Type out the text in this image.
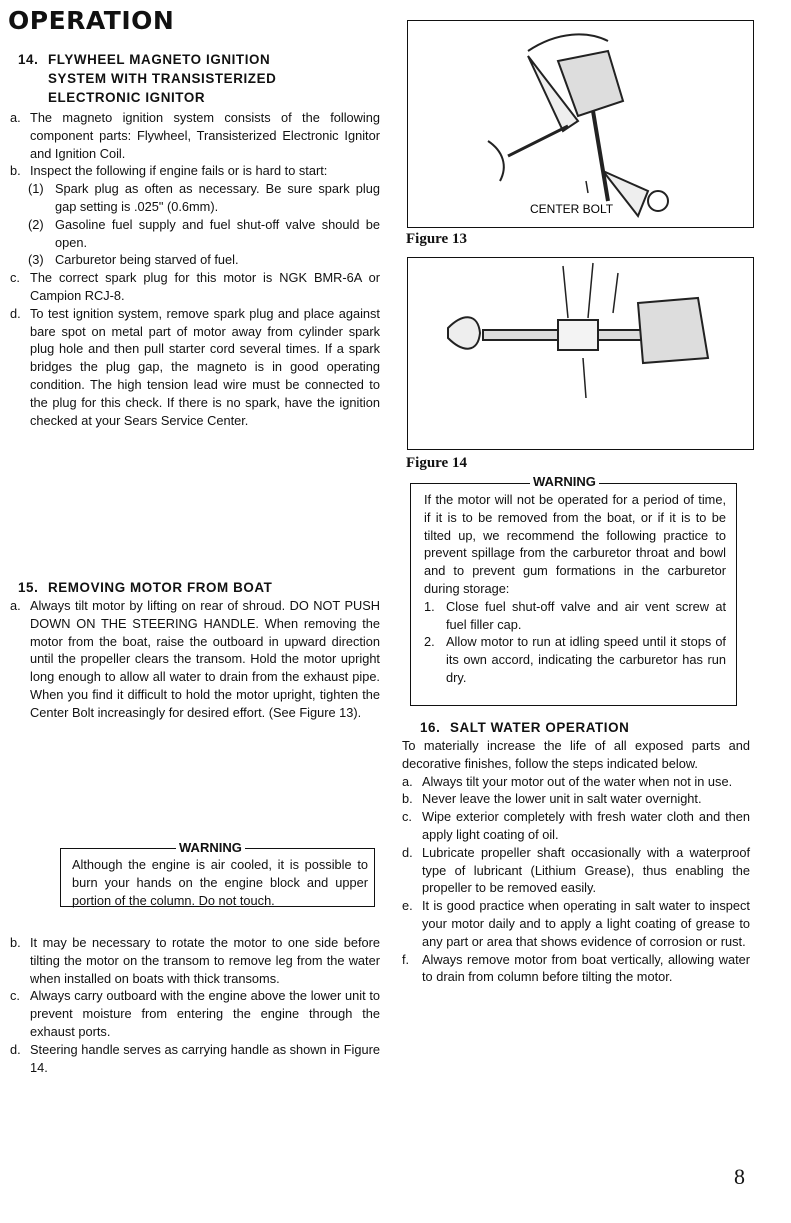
OPERATION
14. FLYWHEEL MAGNETO IGNITION
SYSTEM WITH TRANSISTERIZED
ELECTRONIC IGNITOR

a. The magneto ignition system consists of the following component parts: Flywheel, Transisterized Electronic Ignitor and Ignition Coil.

b. Inspect the following if engine fails or is hard to start:

(1) Spark plug as often as necessary. Be sure spark plug gap setting is .025" (0.6mm).

(2) Gasoline fuel supply and fuel shut-off valve should be open.

(3) Carburetor being starved of fuel.

c. The correct spark plug for this motor is NGK BMR-6A or Campion RCJ-8.

d. To test ignition system, remove spark plug and place against bare spot on metal part of motor away from cylinder spark plug hole and then pull starter cord several times. If a spark bridges the plug gap, the magneto is in good operating condition. The high tension lead wire must be connected to the plug for this check. If there is no spark, have the ignition checked at your Sears Service Center.

15. REMOVING MOTOR FROM BOAT

a. Always tilt motor by lifting on rear of shroud. DO NOT PUSH DOWN ON THE STEERING HANDLE. When removing the motor from the boat, raise the outboard in upward direction until the propeller clears the transom. Hold the motor upright long enough to allow all water to drain from the exhaust pipe. When you find it difficult to hold the motor upright, tighten the Center Bolt increasingly for desired effort. (See Figure 13).

WARNING
Although the engine is air cooled, it is possible to burn your hands on the engine block and upper portion of the column. Do not touch.

b. It may be necessary to rotate the motor to one side before tilting the motor on the transom to remove leg from the water when installed on boats with thick transoms.

c. Always carry outboard with the engine above the lower unit to prevent moisture from entering the engine through the exhaust ports.

d. Steering handle serves as carrying handle as shown in Figure 14.

CENTER BOLT
Figure 13
Figure 14
WARNING

If the motor will not be operated for a period of time, if it is to be removed from the boat, or if it is to be tilted up, we recommend the following practice to prevent spillage from the carburetor throat and bowl and to prevent gum formations in the carburetor during storage:

1. Close fuel shut-off valve and air vent screw at fuel filler cap.

2. Allow motor to run at idling speed until it stops of its own accord, indicating the carburetor has run dry.

16. SALT WATER OPERATION

To materially increase the life of all exposed parts and decorative finishes, follow the steps indicated below.

a. Always tilt your motor out of the water when not in use.

b. Never leave the lower unit in salt water overnight.

c. Wipe exterior completely with fresh water cloth and then apply light coating of oil.

d. Lubricate propeller shaft occasionally with a waterproof type of lubricant (Lithium Grease), thus enabling the propeller to be removed easily.

e. It is good practice when operating in salt water to inspect your motor daily and to apply a light coating of grease to any part or area that shows evidence of corrosion or rust.

f. Always remove motor from boat vertically, allowing water to drain from column before tilting the motor.

8
